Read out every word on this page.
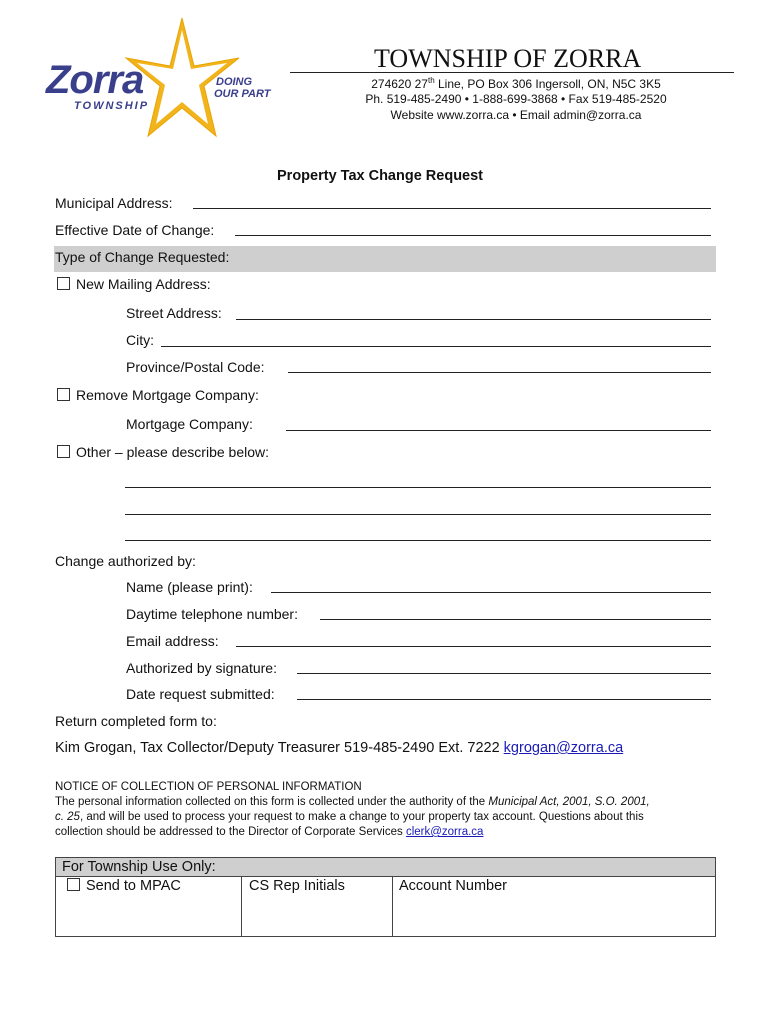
Zorra
TOWNSHIP
DOING
OUR PART
TOWNSHIP OF ZORRA
274620 27th Line, PO Box 306 Ingersoll, ON, N5C 3K5
Ph. 519-485-2490 • 1-888-699-3868 • Fax 519-485-2520
Website www.zorra.ca • Email admin@zorra.ca
Property Tax Change Request
Municipal Address:
Effective Date of Change:
Type of Change Requested:
New Mailing Address:
Street Address:
City:
Province/Postal Code:
Remove Mortgage Company:
Mortgage Company:
Other – please describe below:
Change authorized by:
Name (please print):
Daytime telephone number:
Email address:
Authorized by signature:
Date request submitted:
Return completed form to:
Kim Grogan, Tax Collector/Deputy Treasurer 519-485-2490 Ext. 7222 kgrogan@zorra.ca
NOTICE OF COLLECTION OF PERSONAL INFORMATION
The personal information collected on this form is collected under the authority of the Municipal Act, 2001, S.O. 2001,
c. 25, and will be used to process your request to make a change to your property tax account. Questions about this
collection should be addressed to the Director of Corporate Services clerk@zorra.ca
For Township Use Only:
Send to MPAC	CS Rep Initials	Account Number
